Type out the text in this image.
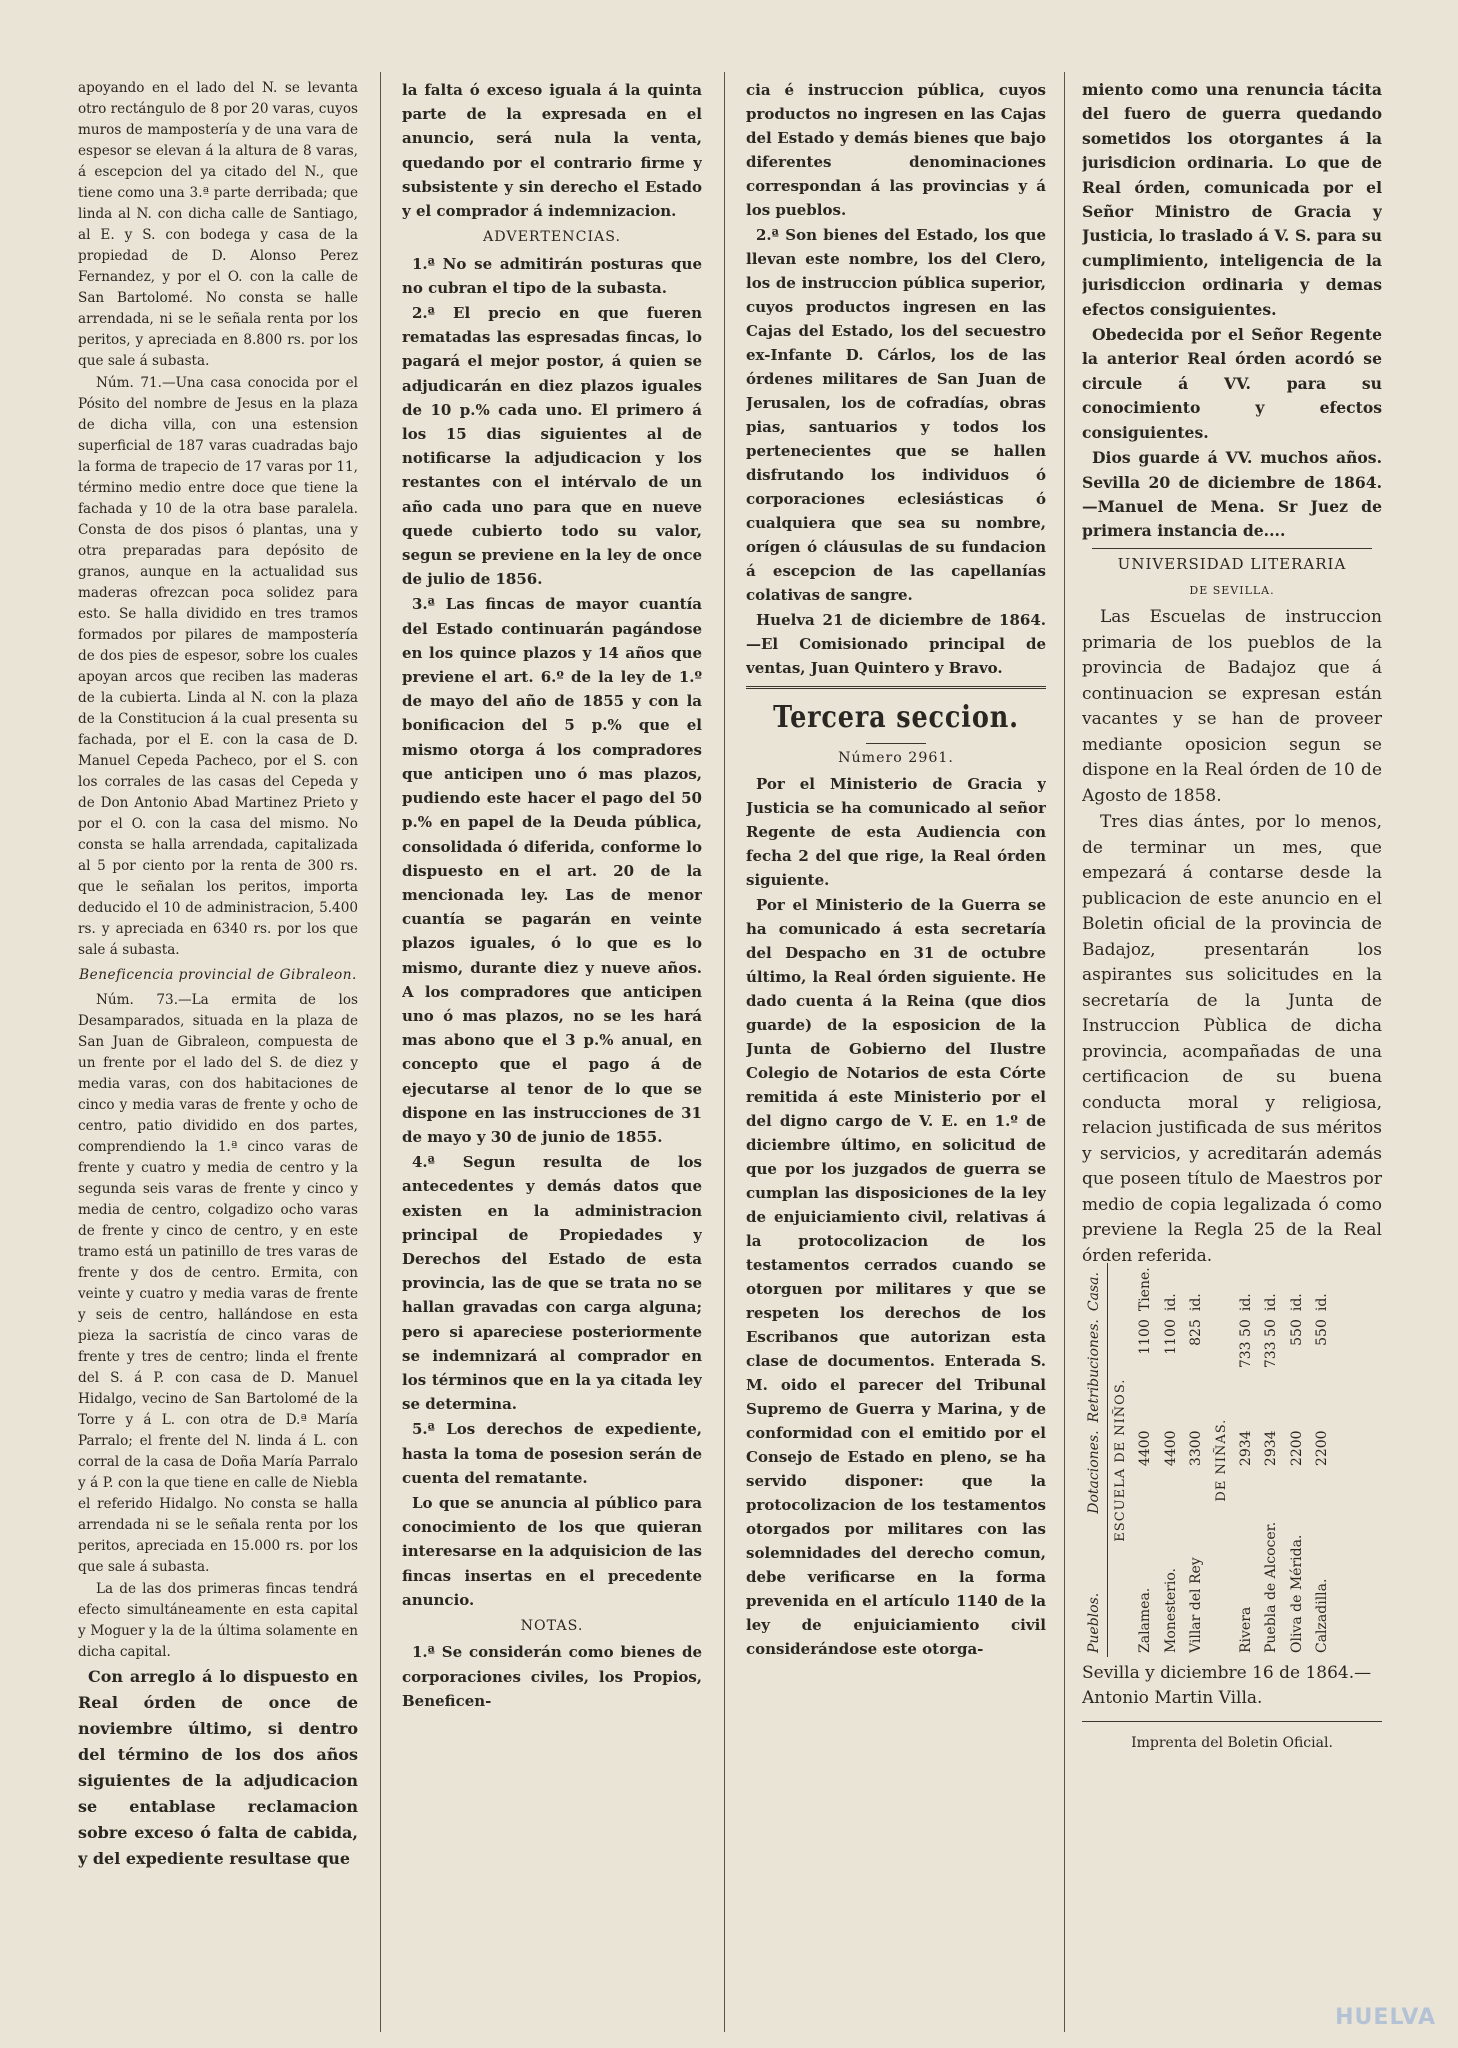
apoyando en el lado del N. se levanta otro rectángulo de 8 por 20 varas, cuyos muros de mampostería y de una vara de espesor se elevan á la altura de 8 varas, á escepcion del ya citado del N., que tiene como una 3.ª parte derribada; que linda al N. con dicha calle de Santiago, al E. y S. con bodega y casa de la propiedad de D. Alonso Perez Fernandez, y por el O. con la calle de San Bartolomé. No consta se halle arrendada, ni se le señala renta por los peritos, y apreciada en 8.800 rs. por los que sale á subasta.

Núm. 71.—Una casa conocida por el Pósito del nombre de Jesus en la plaza de dicha villa, con una estension superficial de 187 varas cuadradas bajo la forma de trapecio de 17 varas por 11, término medio entre doce que tiene la fachada y 10 de la otra base paralela. Consta de dos pisos ó plantas, una y otra preparadas para depósito de granos, aunque en la actualidad sus maderas ofrezcan poca solidez para esto. Se halla dividido en tres tramos formados por pilares de mampostería de dos pies de espesor, sobre los cuales apoyan arcos que reciben las maderas de la cubierta. Linda al N. con la plaza de la Constitucion á la cual presenta su fachada, por el E. con la casa de D. Manuel Cepeda Pacheco, por el S. con los corrales de las casas del Cepeda y de Don Antonio Abad Martinez Prieto y por el O. con la casa del mismo. No consta se halla arrendada, capitalizada al 5 por ciento por la renta de 300 rs. que le señalan los peritos, importa deducido el 10 de administracion, 5.400 rs. y apreciada en 6340 rs. por los que sale á subasta.

Beneficencia provincial de Gibraleon.

Núm. 73.—La ermita de los Desamparados, situada en la plaza de San Juan de Gibraleon, compuesta de un frente por el lado del S. de diez y media varas, con dos habitaciones de cinco y media varas de frente y ocho de centro, patio dividido en dos partes, comprendiendo la 1.ª cinco varas de frente y cuatro y media de centro y la segunda seis varas de frente y cinco y media de centro, colgadizo ocho varas de frente y cinco de centro, y en este tramo está un patinillo de tres varas de frente y dos de centro. Ermita, con veinte y cuatro y media varas de frente y seis de centro, hallándose en esta pieza la sacristía de cinco varas de frente y tres de centro; linda el frente del S. á P. con casa de D. Manuel Hidalgo, vecino de San Bartolomé de la Torre y á L. con otra de D.ª María Parralo; el frente del N. linda á L. con corral de la casa de Doña María Parralo y á P. con la que tiene en calle de Niebla el referido Hidalgo. No consta se halla arrendada ni se le señala renta por los peritos, apreciada en 15.000 rs. por los que sale á subasta.

La de las dos primeras fincas tendrá efecto simultáneamente en esta capital y Moguer y la de la última solamente en dicha capital.

Con arreglo á lo dispuesto en Real órden de once de noviembre último, si dentro del término de los dos años siguientes de la adjudicacion se entablase reclamacion sobre exceso ó falta de cabida, y del expediente resultase que

la falta ó exceso iguala á la quinta parte de la expresada en el anuncio, será nula la venta, quedando por el contrario firme y subsistente y sin derecho el Estado y el comprador á indemnizacion.

ADVERTENCIAS.

1.ª No se admitirán posturas que no cubran el tipo de la subasta.

2.ª El precio en que fueren rematadas las espresadas fincas, lo pagará el mejor postor, á quien se adjudicarán en diez plazos iguales de 10 p.% cada uno. El primero á los 15 dias siguientes al de notificarse la adjudicacion y los restantes con el intérvalo de un año cada uno para que en nueve quede cubierto todo su valor, segun se previene en la ley de once de julio de 1856.

3.ª Las fincas de mayor cuantía del Estado continuarán pagándose en los quince plazos y 14 años que previene el art. 6.º de la ley de 1.º de mayo del año de 1855 y con la bonificacion del 5 p.% que el mismo otorga á los compradores que anticipen uno ó mas plazos, pudiendo este hacer el pago del 50 p.% en papel de la Deuda pública, consolidada ó diferida, conforme lo dispuesto en el art. 20 de la mencionada ley. Las de menor cuantía se pagarán en veinte plazos iguales, ó lo que es lo mismo, durante diez y nueve años. A los compradores que anticipen uno ó mas plazos, no se les hará mas abono que el 3 p.% anual, en concepto que el pago á de ejecutarse al tenor de lo que se dispone en las instrucciones de 31 de mayo y 30 de junio de 1855.

4.ª Segun resulta de los antecedentes y demás datos que existen en la administracion principal de Propiedades y Derechos del Estado de esta provincia, las de que se trata no se hallan gravadas con carga alguna; pero si apareciese posteriormente se indemnizará al comprador en los términos que en la ya citada ley se determina.

5.ª Los derechos de expediente, hasta la toma de posesion serán de cuenta del rematante.

Lo que se anuncia al público para conocimiento de los que quieran interesarse en la adquisicion de las fincas insertas en el precedente anuncio.

NOTAS.

1.ª Se considerán como bienes de corporaciones civiles, los Propios, Beneficen-

cia é instruccion pública, cuyos productos no ingresen en las Cajas del Estado y demás bienes que bajo diferentes denominaciones correspondan á las provincias y á los pueblos.

2.ª Son bienes del Estado, los que llevan este nombre, los del Clero, los de instruccion pública superior, cuyos productos ingresen en las Cajas del Estado, los del secuestro ex-Infante D. Cárlos, los de las órdenes militares de San Juan de Jerusalen, los de cofradías, obras pias, santuarios y todos los pertenecientes que se hallen disfrutando los individuos ó corporaciones eclesiásticas ó cualquiera que sea su nombre, orígen ó cláusulas de su fundacion á escepcion de las capellanías colativas de sangre.

Huelva 21 de diciembre de 1864.—El Comisionado principal de ventas, Juan Quintero y Bravo.

Tercera seccion.
Número 2961.

Por el Ministerio de Gracia y Justicia se ha comunicado al señor Regente de esta Audiencia con fecha 2 del que rige, la Real órden siguiente.

Por el Ministerio de la Guerra se ha comunicado á esta secretaría del Despacho en 31 de octubre último, la Real órden siguiente. He dado cuenta á la Reina (que dios guarde) de la esposicion de la Junta de Gobierno del Ilustre Colegio de Notarios de esta Córte remitida á este Ministerio por el del digno cargo de V. E. en 1.º de diciembre último, en solicitud de que por los juzgados de guerra se cumplan las disposiciones de la ley de enjuiciamiento civil, relativas á la protocolizacion de los testamentos cerrados cuando se otorguen por militares y que se respeten los derechos de los Escribanos que autorizan esta clase de documentos. Enterada S. M. oido el parecer del Tribunal Supremo de Guerra y Marina, y de conformidad con el emitido por el Consejo de Estado en pleno, se ha servido disponer: que la protocolizacion de los testamentos otorgados por militares con las solemnidades del derecho comun, debe verificarse en la forma prevenida en el artículo 1140 de la ley de enjuiciamiento civil considerándose este otorga-

miento como una renuncia tácita del fuero de guerra quedando sometidos los otorgantes á la jurisdicion ordinaria. Lo que de Real órden, comunicada por el Señor Ministro de Gracia y Justicia, lo traslado á V. S. para su cumplimiento, inteligencia de la jurisdiccion ordinaria y demas efectos consiguientes.

Obedecida por el Señor Regente la anterior Real órden acordó se circule á VV. para su conocimiento y efectos consiguientes.

Dios guarde á VV. muchos años. Sevilla 20 de diciembre de 1864.—Manuel de Mena. Sr Juez de primera instancia de....

UNIVERSIDAD LITERARIA
DE SEVILLA.

Las Escuelas de instruccion primaria de los pueblos de la provincia de Badajoz que á continuacion se expresan están vacantes y se han de proveer mediante oposicion segun se dispone en la Real órden de 10 de Agosto de 1858.

Tres dias ántes, por lo menos, de terminar un mes, que empezará á contarse desde la publicacion de este anuncio en el Boletin oficial de la provincia de Badajoz, presentarán los aspirantes sus solicitudes en la secretaría de la Junta de Instruccion Pùblica de dicha provincia, acompañadas de una certificacion de su buena conducta moral y religiosa, relacion justificada de sus méritos y servicios, y acreditarán además que poseen título de Maestros por medio de copia legalizada ó como previene la Regla 25 de la Real órden referida.

Pueblos.	Dotaciones.	Retribuciones.	Casa.
ESCUELA DE NIÑOS.			
Zalamea.	4400	1100	Tiene.
Monesterio.	4400	1100	id.
Villar del Rey	3300	825	id.
DE NIÑAS.			
Rivera	2934	733 50	id.
Puebla de Alcocer.	2934	733 50	id.
Oliva de Mérida.	2200	550	id.
Calzadilla.	2200	550	id.

Sevilla y diciembre 16 de 1864.—Antonio Martin Villa.

Imprenta del Boletin Oficial.
HUELVA
